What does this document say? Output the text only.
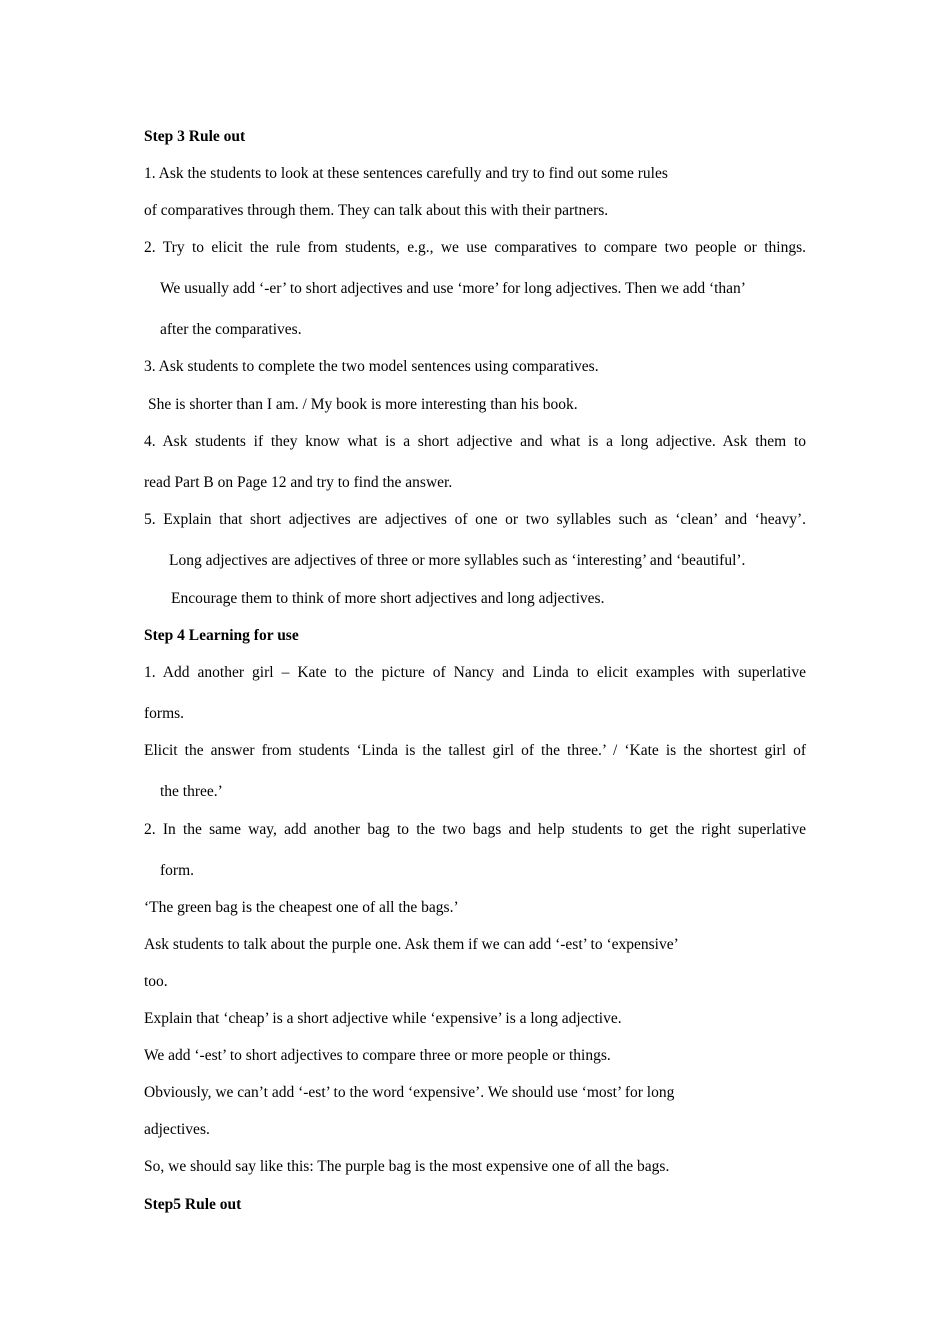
Step 3 Rule out
1. Ask the students to look at these sentences carefully and try to find out some rules
of comparatives through them. They can talk about this with their partners.
2. Try to elicit the rule from students, e.g., we use comparatives to compare two people or things.
We usually add ‘-er’ to short adjectives and use ‘more’ for long adjectives. Then we add ‘than’
after the comparatives.
3. Ask students to complete the two model sentences using comparatives.
She is shorter than I am. / My book is more interesting than his book.
4. Ask students if they know what is a short adjective and what is a long adjective. Ask them to
read Part B on Page 12 and try to find the answer.
5. Explain that short adjectives are adjectives of one or two syllables such as ‘clean’ and ‘heavy’.
Long adjectives are adjectives of three or more syllables such as ‘interesting’ and ‘beautiful’.
Encourage them to think of more short adjectives and long adjectives.
Step 4 Learning for use
1. Add another girl – Kate to the picture of Nancy and Linda to elicit examples with superlative
forms.
Elicit the answer from students ‘Linda is the tallest girl of the three.’ / ‘Kate is the shortest girl of
the three.’
2. In the same way, add another bag to the two bags and help students to get the right superlative
form.
‘The green bag is the cheapest one of all the bags.’
Ask students to talk about the purple one. Ask them if we can add ‘-est’ to ‘expensive’
too.
Explain that ‘cheap’ is a short adjective while ‘expensive’ is a long adjective.
We add ‘-est’ to short adjectives to compare three or more people or things.
Obviously, we can’t add ‘-est’ to the word ‘expensive’. We should use ‘most’ for long
adjectives.
So, we should say like this: The purple bag is the most expensive one of all the bags.
Step5 Rule out
